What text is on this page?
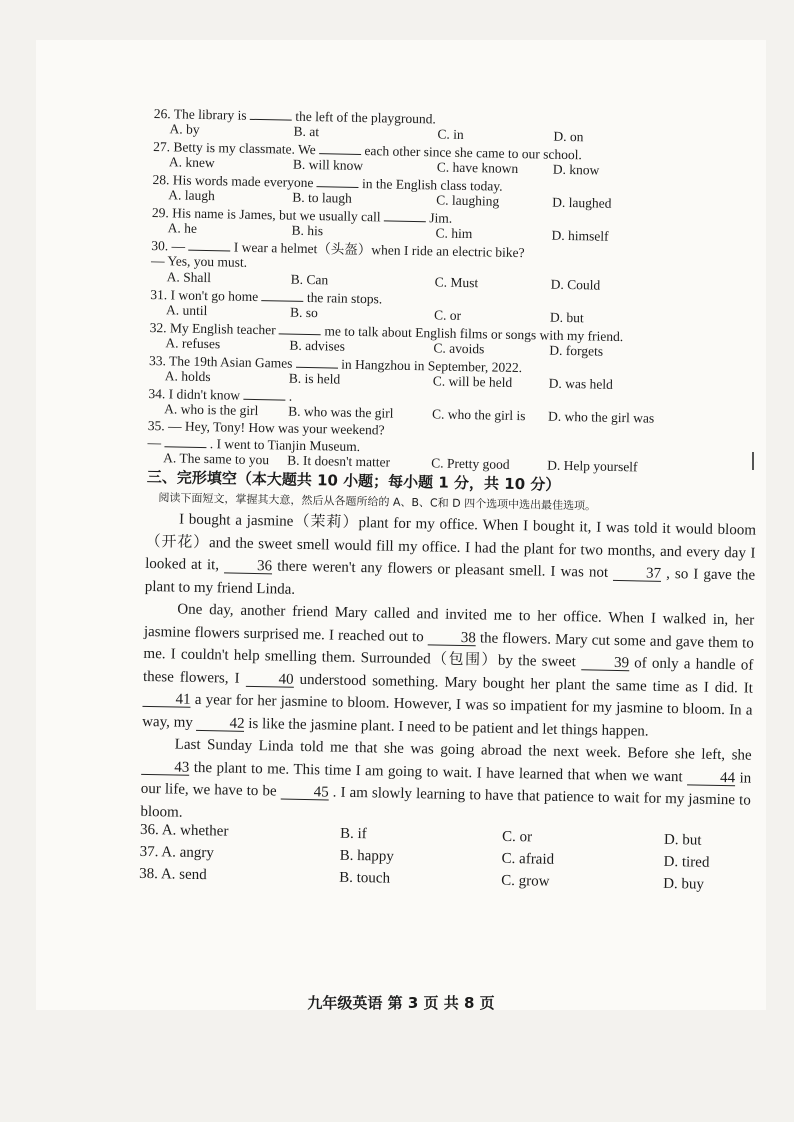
26. The library is	the left of the playground.
A. by	B. at	C. in	D. on
27. Betty is my classmate. We	each other since she came to our school.
A. knew	B. will know	C. have known	D. know
28. His words made everyone	in the English class today.
A. laugh	B. to laugh	C. laughing	D. laughed
29. His name is James, but we usually call	Jim.
A. he	B. his	C. him	D. himself
30. —	I wear a helmet（头盔）when I ride an electric bike?
— Yes, you must.
A. Shall	B. Can	C. Must	D. Could
31. I won't go home	the rain stops.
A. until	B. so	C. or	D. but
32. My English teacher	me to talk about English films or songs with my friend.
A. refuses	B. advises	C. avoids	D. forgets
33. The 19th Asian Games	in Hangzhou in September, 2022.
A. holds	B. is held	C. will be held	D. was held
34. I didn't know	.
A. who is the girl B. who was the girl	C. who the girl is D. who the girl was
35. — Hey, Tony! How was your weekend?
—	. I went to Tianjin Museum.
A. The same to you B. It doesn't matter	C. Pretty good	D. Help yourself
三、完形填空（本大题共 10 小题；每小题 1 分，共 10 分）
阅读下面短文，掌握其大意，然后从各题所给的 A、B、C和 D 四个选项中选出最佳选项。

I bought a jasmine（茉莉）plant for my office. When I bought it, I was told it would bloom（开花）and the sweet smell would fill my office. I had the plant for two months, and every day I looked at it, 36 there weren't any flowers or pleasant smell. I was not 37 , so I gave the plant to my friend Linda.

One day, another friend Mary called and invited me to her office. When I walked in, her jasmine flowers surprised me. I reached out to 38 the flowers. Mary cut some and gave them to me. I couldn't help smelling them. Surrounded（包围）by the sweet 39 of only a handle of these flowers, I 40 understood something. Mary bought her plant the same time as I did. It 41 a year for her jasmine to bloom. However, I was so impatient for my jasmine to bloom. In a way, my 42 is like the jasmine plant. I need to be patient and let things happen.

Last Sunday Linda told me that she was going abroad the next week. Before she left, she 43 the plant to me. This time I am going to wait. I have learned that when we want 44 in our life, we have to be 45 . I am slowly learning to have that patience to wait for my jasmine to bloom.

36. A. whether	B. if	C. or	D. but
37. A. angry	B. happy	C. afraid	D. tired
38. A. send	B. touch	C. grow	D. buy
九年级英语 第 3 页 共 8 页
